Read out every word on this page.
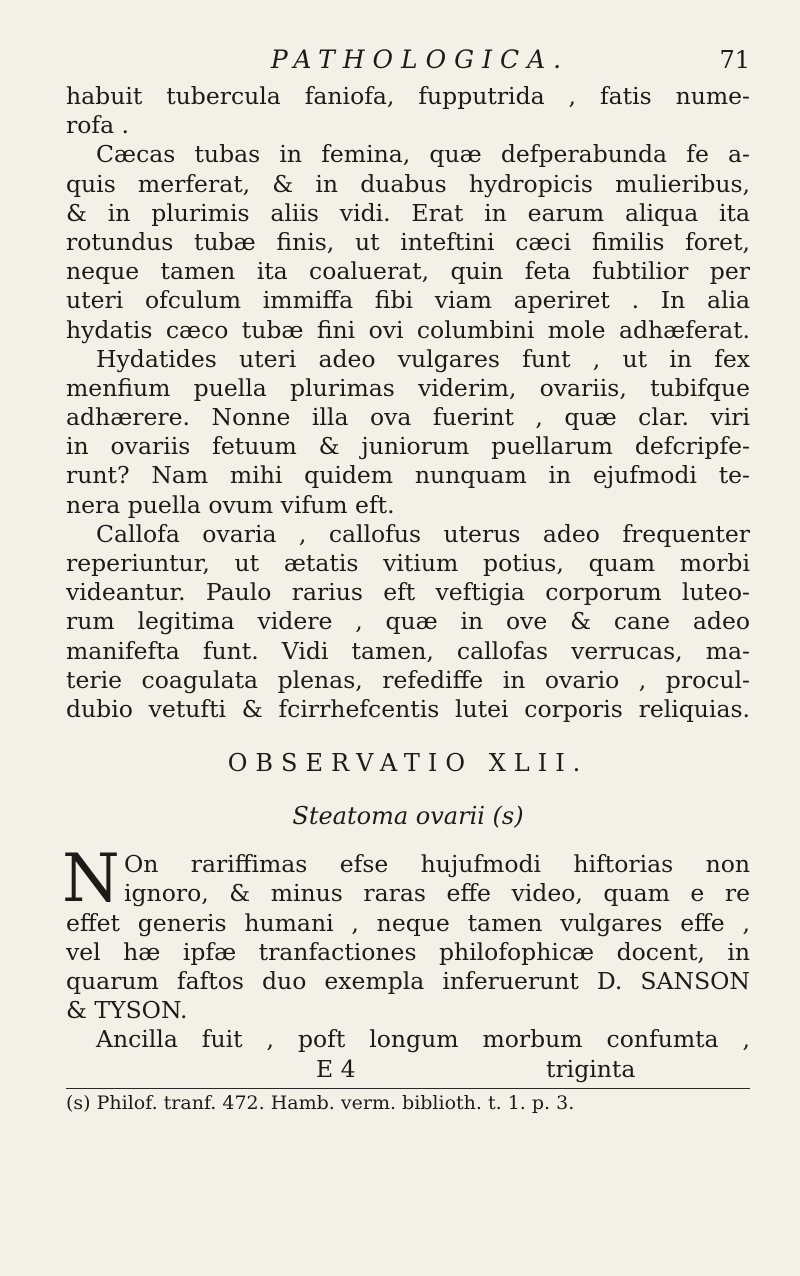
PATHOLOGICA.	71
habuit tubercula faniofa, fupputrida , fatis nume-
rofa .
Cæcas tubas in femina, quæ defperabunda fe a-
quis merferat, & in duabus hydropicis mulieribus,
& in plurimis aliis vidi. Erat in earum aliqua ita
rotundus tubæ finis, ut inteftini cæci fimilis foret,
neque tamen ita coaluerat, quin feta fubtilior per
uteri ofculum immiffa fibi viam aperiret . In alia
hydatis cæco tubæ fini ovi columbini mole adhæferat.
Hydatides uteri adeo vulgares funt , ut in fex
menfium puella plurimas viderim, ovariis, tubifque
adhærere. Nonne illa ova fuerint , quæ clar. viri
in ovariis fetuum & juniorum puellarum defcripfe-
runt? Nam mihi quidem nunquam in ejufmodi te-
nera puella ovum vifum eft.
Callofa ovaria , callofus uterus adeo frequenter
reperiuntur, ut ætatis vitium potius, quam morbi
videantur. Paulo rarius eft veftigia corporum luteo-
rum legitima videre , quæ in ove & cane adeo
manifefta funt. Vidi tamen, callofas verrucas, ma-
terie coagulata plenas, refediffe in ovario , procul-
dubio vetufti & fcirrhefcentis lutei corporis reliquias.
OBSERVATIO XLII.
Steatoma ovarii (s)
N On rariffimas efse hujufmodi hiftorias non
ignoro, & minus raras effe video, quam e re
effet generis humani , neque tamen vulgares effe ,
vel hæ ipfæ tranfactiones philofophicæ docent, in
quarum faftos duo exempla inferuerunt D. SANSON
& TYSON.
Ancilla fuit , poft longum morbum confumta ,
E 4	triginta
(s) Philof. tranf. 472. Hamb. verm. biblioth. t. 1. p. 3.
